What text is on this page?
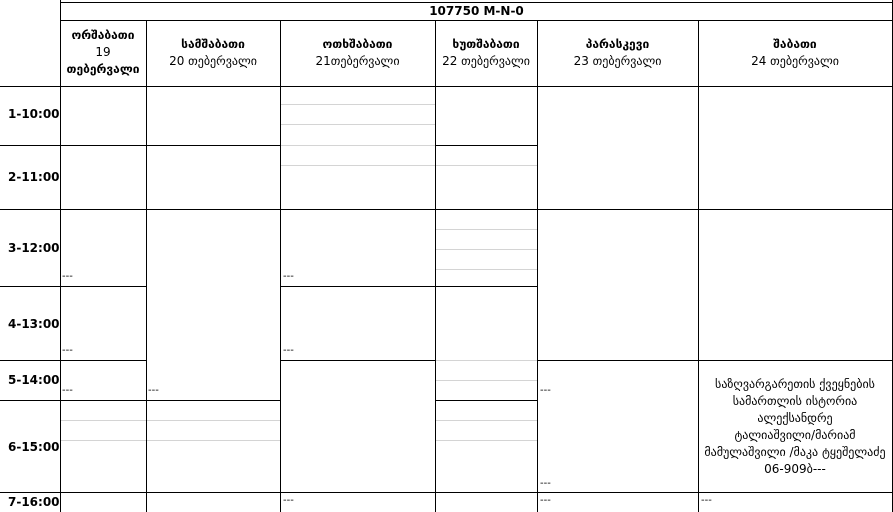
107750 M-N-0
ორშაბათი
19
თებერვალი
სამშაბათი
20 თებერვალი
ოთხშაბათი
21თებერვალი
ხუთშაბათი
22 თებერვალი
პარასკევი
23 თებერვალი
შაბათი
24 თებერვალი
1-10:00
2-11:00
3-12:00
4-13:00
5-14:00
6-15:00
7-16:00
---
---
---	---
---
---
---
---
---
---	---
საზღვარგარეთის ქვეყნების
სამართლის ისტორია
ალექსანდრე
ტალიაშვილი/მარიამ
მამულაშვილი /მაკა ტყეშელაძე
06-909ბ---
